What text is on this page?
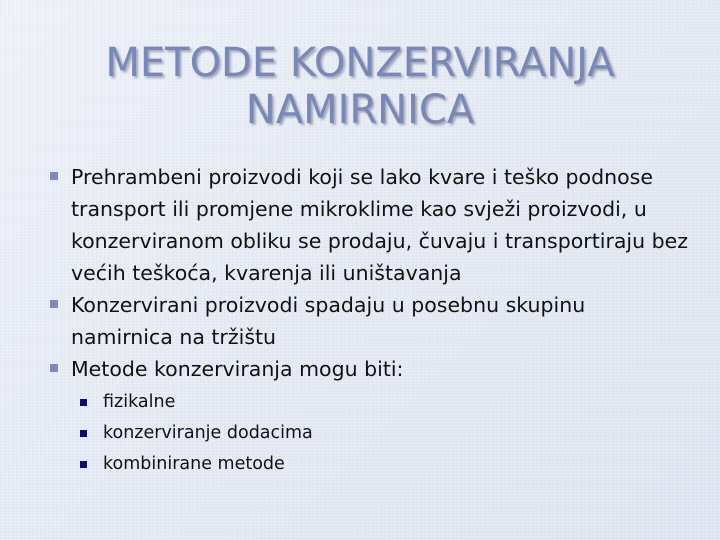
METODE KONZERVIRANJA
NAMIRNICA
Prehrambeni proizvodi koji se lako kvare i teško podnose transport ili promjene mikroklime kao svježi proizvodi, u konzerviranom obliku se prodaju, čuvaju i transportiraju bez većih teškoća, kvarenja ili uništavanja
Konzervirani proizvodi spadaju u posebnu skupinu namirnica na tržištu
Metode konzerviranja mogu biti:
fizikalne
konzerviranje dodacima
kombinirane metode
